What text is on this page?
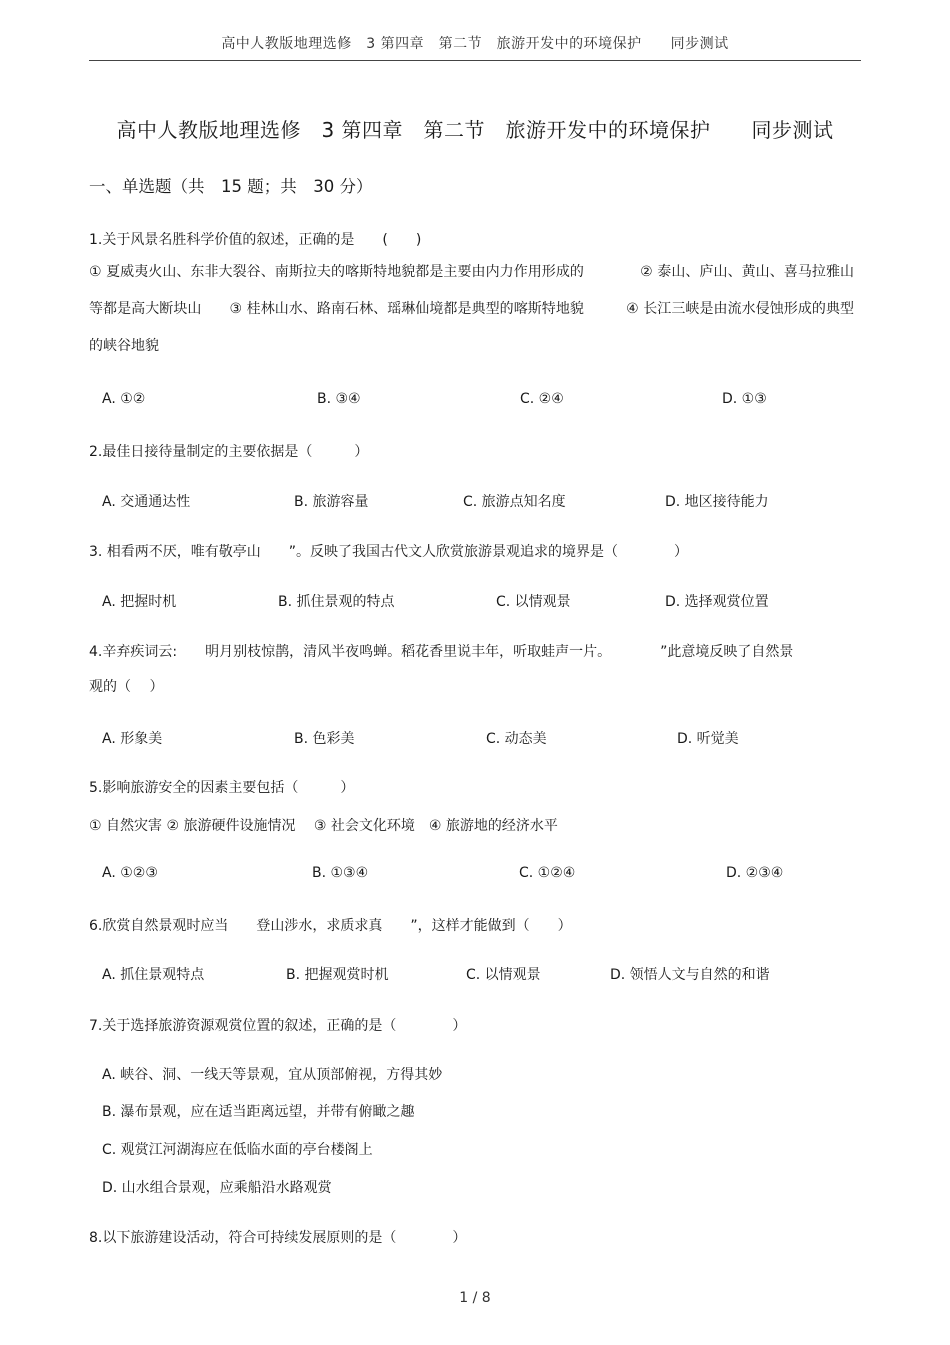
高中人教版地理选修　3 第四章　第二节　旅游开发中的环境保护　　同步测试
高中人教版地理选修　3 第四章　第二节　旅游开发中的环境保护　　同步测试
一、单选题（共　15 题；共　30 分）
1.关于风景名胜科学价值的叙述，正确的是　　(　　)
① 夏威夷火山、东非大裂谷、南斯拉夫的喀斯特地貌都是主要由内力作用形成的　　　　② 泰山、庐山、黄山、喜马拉雅山等都是高大断块山　　③ 桂林山水、路南石林、瑶琳仙境都是典型的喀斯特地貌　　　④ 长江三峡是由流水侵蚀形成的典型的峡谷地貌
A. ①②	B. ③④	C. ②④	D. ①③
2.最佳日接待量制定的主要依据是（　　　）
A. 交通通达性	B. 旅游容量	C. 旅游点知名度	D. 地区接待能力
3. 相看两不厌，唯有敬亭山　　”。反映了我国古代文人欣赏旅游景观追求的境界是（　　　　）
A. 把握时机	B. 抓住景观的特点	C. 以情观景	D. 选择观赏位置
4.辛弃疾词云:　　明月别枝惊鹊，清风半夜鸣蝉。稻花香里说丰年，听取蛙声一片。　　　　”此意境反映了自然景
观的（　 ）
A. 形象美	B. 色彩美	C. 动态美	D. 听觉美
5.影响旅游安全的因素主要包括（　　　）
① 自然灾害 ② 旅游硬件设施情况　 ③ 社会文化环境　④ 旅游地的经济水平
A. ①②③	B. ①③④	C. ①②④	D. ②③④
6.欣赏自然景观时应当　　登山涉水，求质求真　　”，这样才能做到（　　）
A. 抓住景观特点	B. 把握观赏时机	C. 以情观景	D. 领悟人文与自然的和谐
7.关于选择旅游资源观赏位置的叙述，正确的是（　　　　）
A. 峡谷、洞、一线天等景观，宜从顶部俯视，方得其妙
B. 瀑布景观，应在适当距离远望，并带有俯瞰之趣
C. 观赏江河湖海应在低临水面的亭台楼阁上
D. 山水组合景观，应乘船沿水路观赏
8.以下旅游建设活动，符合可持续发展原则的是（　　　　）
1 / 8
